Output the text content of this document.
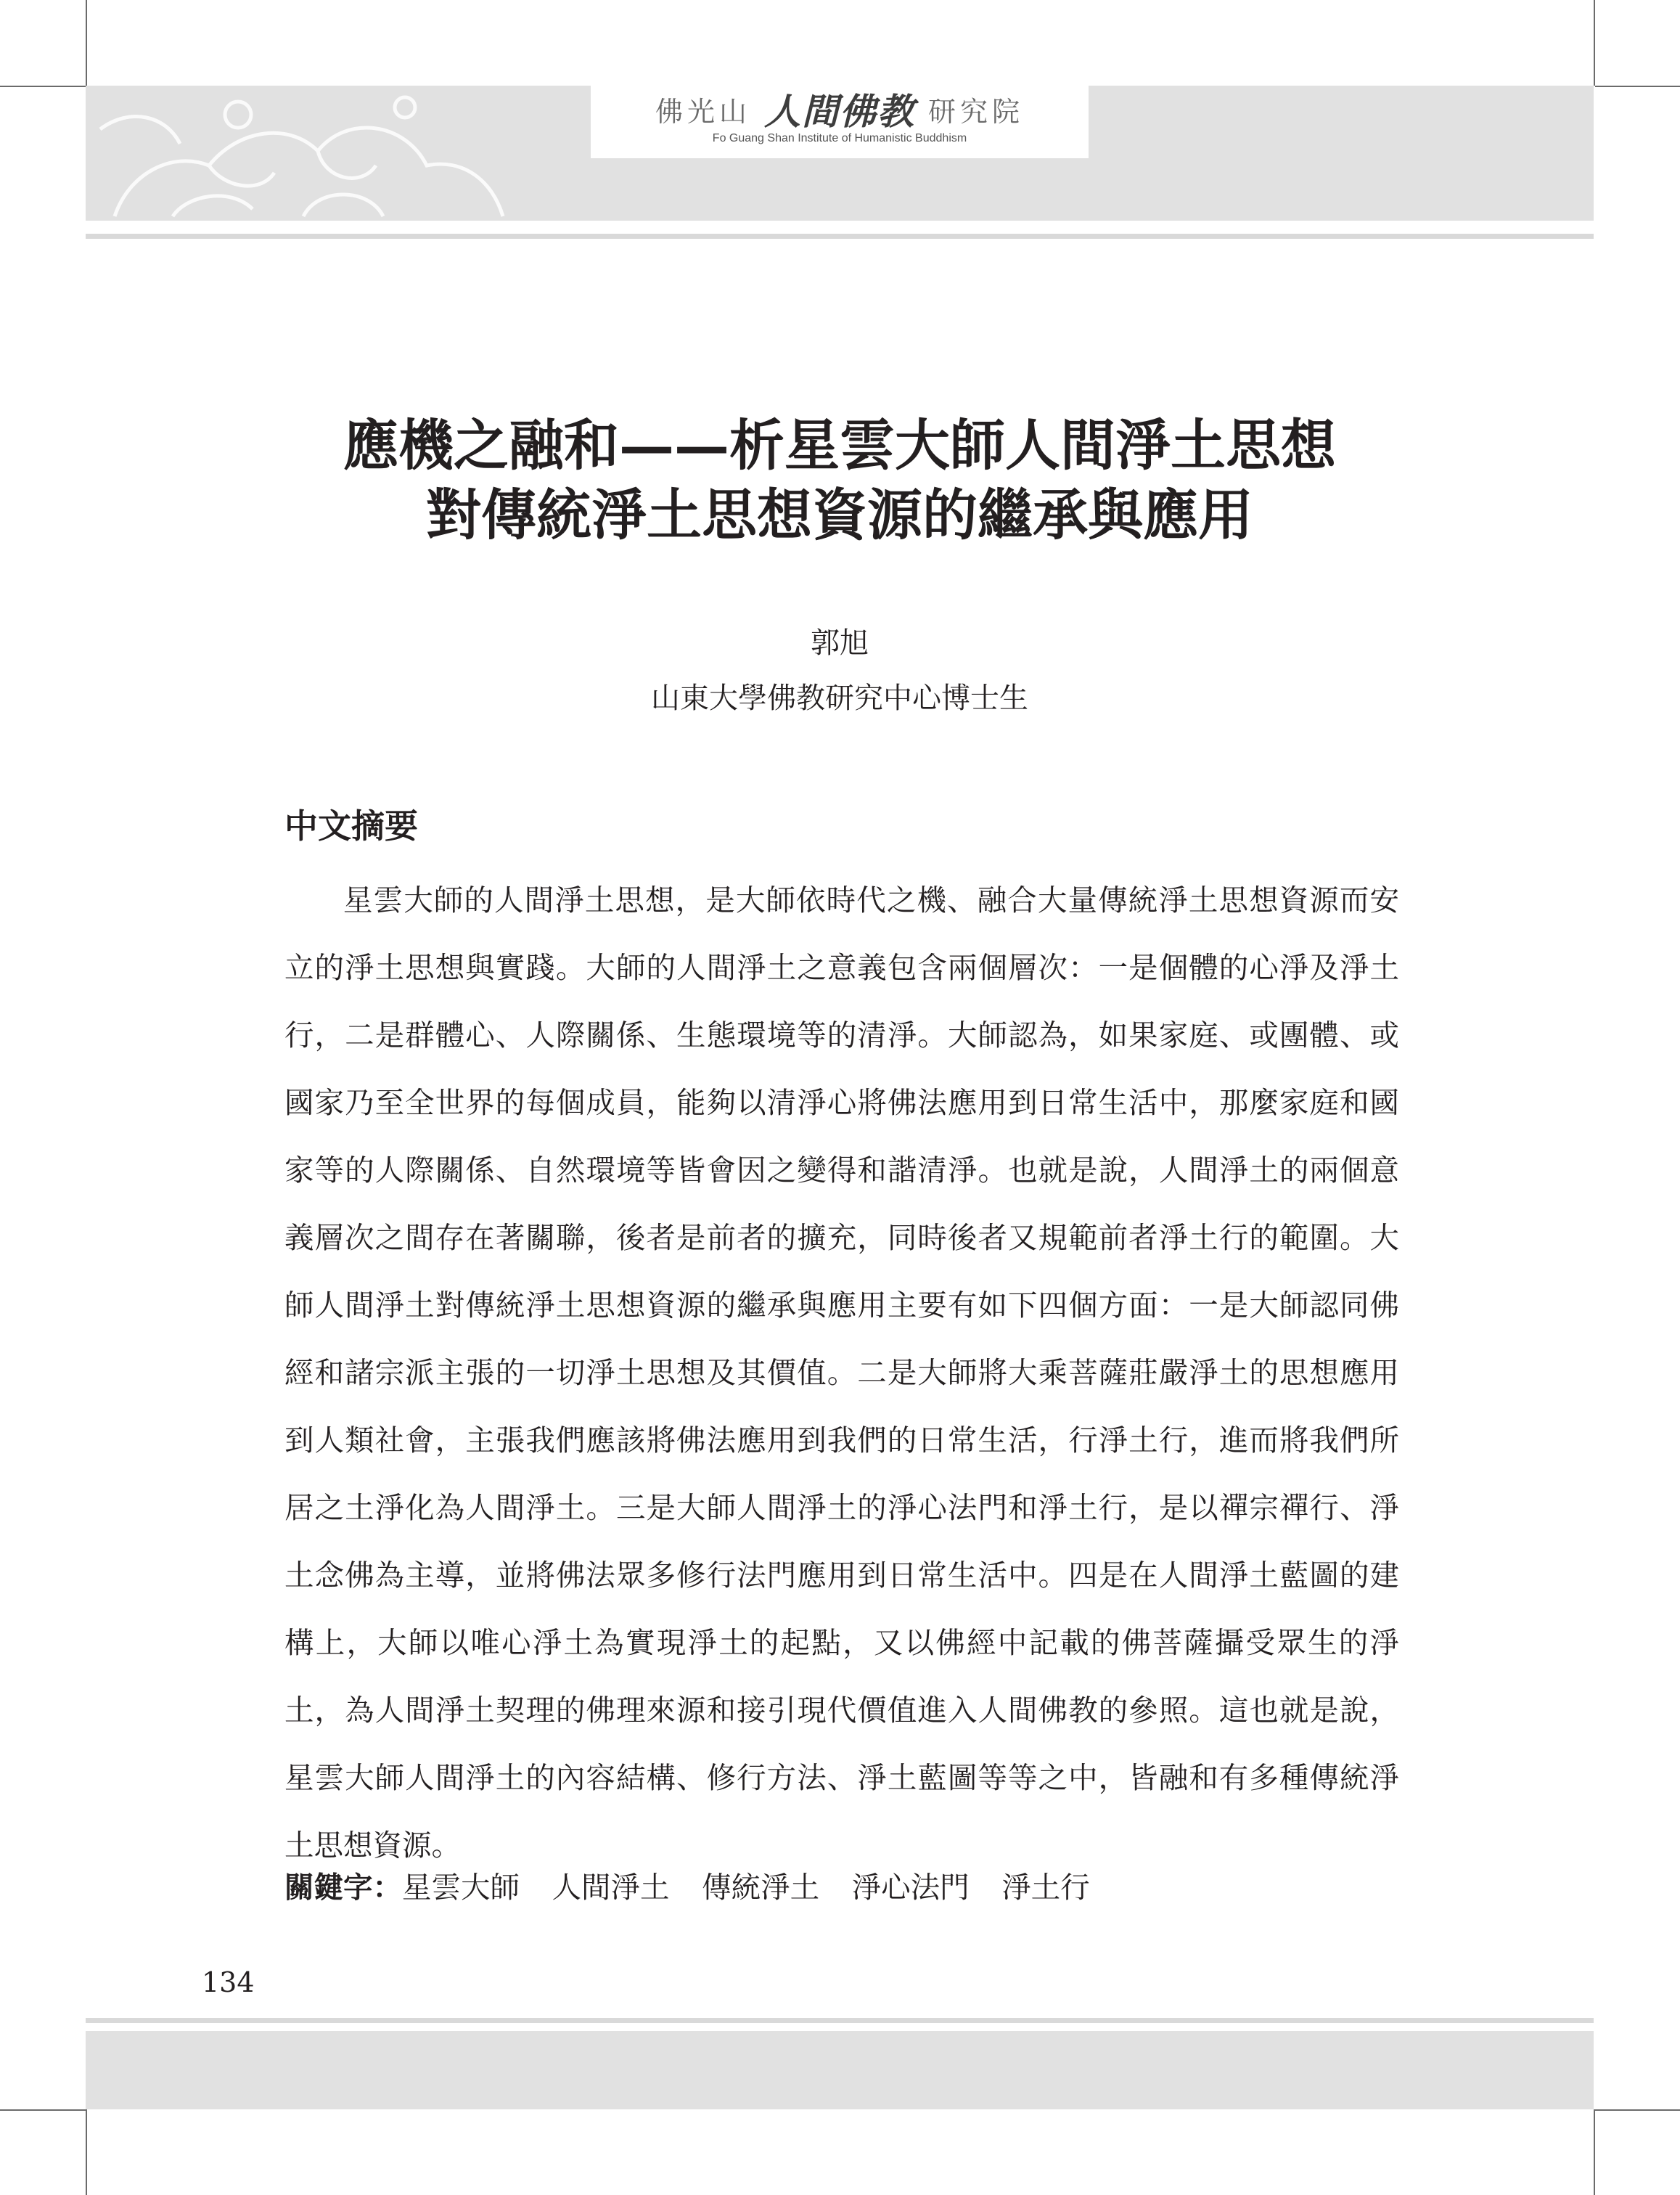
佛光山 人間佛教 研究院
Fo Guang Shan Institute of Humanistic Buddhism
應機之融和——析星雲大師人間淨土思想
對傳統淨土思想資源的繼承與應用
郭旭
山東大學佛教研究中心博士生
中文摘要

星雲大師的人間淨土思想，是大師依時代之機、融合大量傳統淨土思想資源而安立的淨土思想與實踐。大師的人間淨土之意義包含兩個層次：一是個體的心淨及淨土行，二是群體心、人際關係、生態環境等的清淨。大師認為，如果家庭、或團體、或國家乃至全世界的每個成員，能夠以清淨心將佛法應用到日常生活中，那麼家庭和國家等的人際關係、自然環境等皆會因之變得和諧清淨。也就是說，人間淨土的兩個意義層次之間存在著關聯，後者是前者的擴充，同時後者又規範前者淨土行的範圍。大師人間淨土對傳統淨土思想資源的繼承與應用主要有如下四個方面：一是大師認同佛經和諸宗派主張的一切淨土思想及其價值。二是大師將大乘菩薩莊嚴淨土的思想應用到人類社會，主張我們應該將佛法應用到我們的日常生活，行淨土行，進而將我們所居之土淨化為人間淨土。三是大師人間淨土的淨心法門和淨土行，是以禪宗禪行、淨土念佛為主導，並將佛法眾多修行法門應用到日常生活中。四是在人間淨土藍圖的建構上，大師以唯心淨土為實現淨土的起點，又以佛經中記載的佛菩薩攝受眾生的淨土，為人間淨土契理的佛理來源和接引現代價值進入人間佛教的參照。這也就是說，星雲大師人間淨土的內容結構、修行方法、淨土藍圖等等之中，皆融和有多種傳統淨土思想資源。

關鍵字：星雲大師 人間淨土 傳統淨土 淨心法門 淨土行
134
